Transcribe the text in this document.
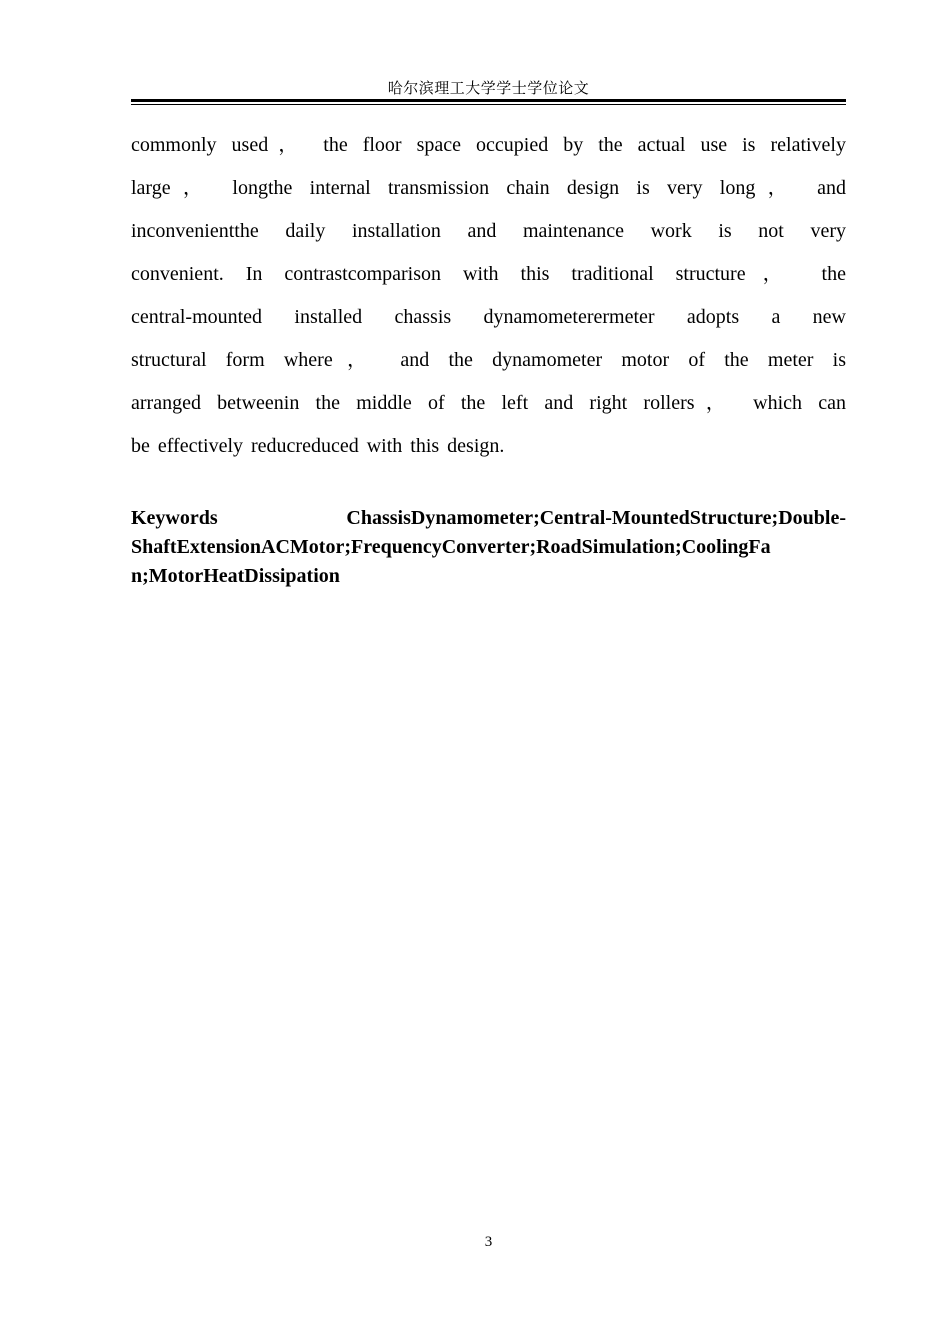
哈尔滨理工大学学士学位论文
commonly used， the floor space occupied by the actual use is relatively
large， longthe internal transmission chain design is very long， and
inconvenientthe daily installation and maintenance work is not very
convenient. In contrastcomparison with this traditional structure， the
central-mounted installed chassis dynamometerermeter adopts a new
structural form where， and the dynamometer motor of the meter is
arranged betweenin the middle of the left and right rollers， which can
be effectively reducreduced with this design.
Keywords	ChassisDynamometer;Central-MountedStructure;Double-
ShaftExtensionACMotor;FrequencyConverter;RoadSimulation;CoolingFa
n;MotorHeatDissipation
3
